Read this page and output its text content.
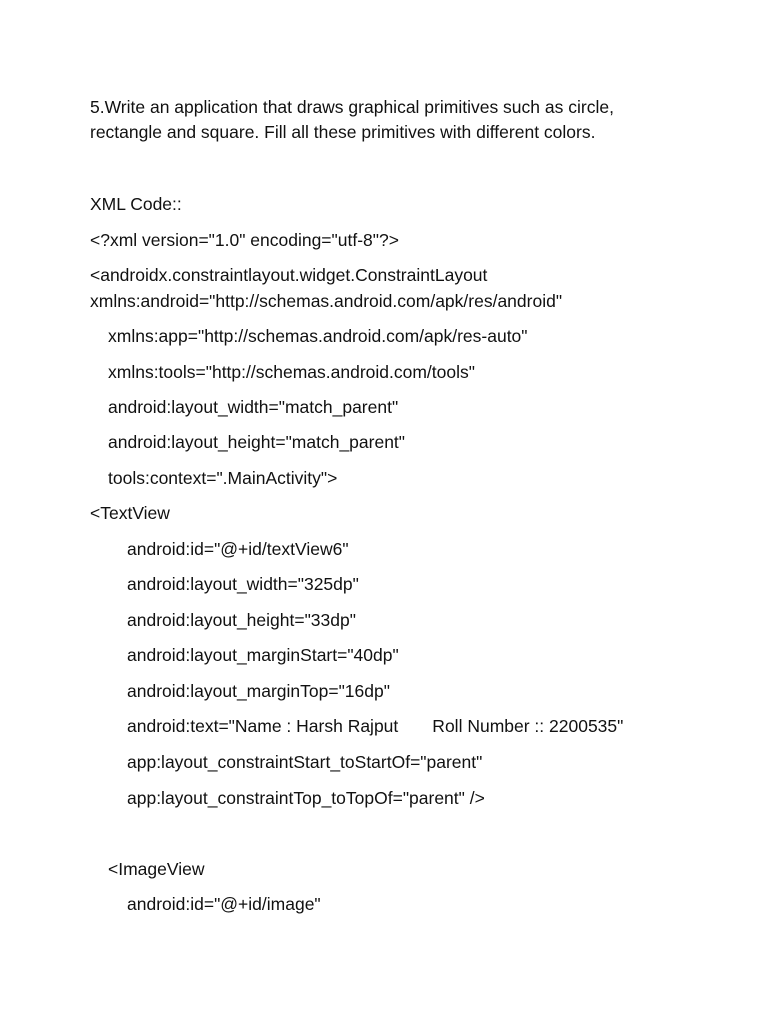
5.Write an application that draws graphical primitives such as circle,
rectangle and square. Fill all these primitives with different colors.
XML Code::
<?xml version="1.0" encoding="utf-8"?>
<androidx.constraintlayout.widget.ConstraintLayout
xmlns:android="http://schemas.android.com/apk/res/android"
xmlns:app="http://schemas.android.com/apk/res-auto"
xmlns:tools="http://schemas.android.com/tools"
android:layout_width="match_parent"
android:layout_height="match_parent"
tools:context=".MainActivity">
<TextView
android:id="@+id/textView6"
android:layout_width="325dp"
android:layout_height="33dp"
android:layout_marginStart="40dp"
android:layout_marginTop="16dp"
android:text="Name : Harsh Rajput       Roll Number :: 2200535"
app:layout_constraintStart_toStartOf="parent"
app:layout_constraintTop_toTopOf="parent" />
<ImageView
android:id="@+id/image"
